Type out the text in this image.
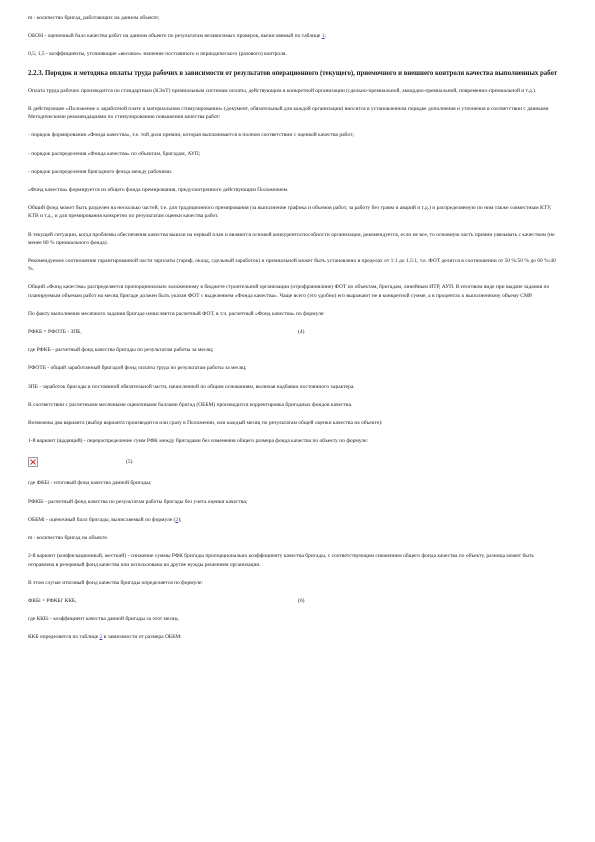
m - количество бригад, работающих на данном объекте;

ОБОН - оценочный балл качества работ на данном объекте по результатам независимых проверок, вычисляемый по таблице 1;

0,5; 1,5 - коэффициенты, уточняющие «весовое» значение постоянного и периодического (разового) контроля.

2.2.3. Порядок и методика оплаты труда рабочих в зависимости от результатов операционного (текущего), приемочного и внешнего контроля качества выполненных работ

Оплата труда рабочих производится по стандартным (КЭоТ) премиальным системам оплаты, действующим в конкретной организации (сдельно-премиальной, аккордно-премиальной, повременно-премиальной и т.д.).

В действующее «Положение о заработной плате и материальном стимулировании» (документ, обязательный для каждой организации) вносятся в установленном порядке дополнения и уточнения в соответствии с данными Методическими рекомендациями по стимулированию повышения качества работ:

- порядок формирования «Фонда качества», т.е. той доли премии, которая выплачивается в полном соответствии с оценкой качества работ;

- порядок распределения «Фонда качества» по объектам, бригадам, АУП;

- порядок распределения бригадного фонда между рабочими.

«Фонд качества» формируется из общего фонда премирования, предусмотренного действующим Положением.

Общий фонд может быть разделен на несколько частей, т.е. для традиционного премирования (за выполнение графика и объемов работ, за работу без травм и аварий и т.д.) и распределяемую по ним также совместным КТУ, КТВ и т.д., и для премирования конкретно по результатам оценки качества работ.

В текущей ситуации, когда проблемы обеспечения качества вышли на первый план и являются основой конкурентоспособности организации, рекомендуется, если не все, то основную часть премии увязывать с качеством (не менее 80 % премиального фонда).

Рекомендуемое соотношение гарантированной части зарплаты (тариф, оклад, сдельный заработок) и премиальной может быть установлено в пределах от 1:1 до 1,5:1, т.е. ФОТ делится в соотношении от 50 %:50 % до 60 %:40 %.

Общий «Фонд качества» распределяется пропорционально заложенному в бюджете строительной организации (отрофраниялиие) ФОТ по объектам, бригадам, линейным ИТР, АУП. В итоговом виде при выдаче задания по планируемым объемам работ на месяц бригаде должен быть указан ФОТ с выделением «Фонда качества». Чаще всего (это удобно) его выражают не в конкретной сумме, а в процентах к выполненному объему СМР.

По факту выполнения месячного задания бригаде начисляется расчетный ФОТ, в т.ч. расчетный «Фонд качества» по формуле:

РФКБ = РФОТБ - ЗПБ,	(4)

где РФКБ - расчетный фонд качества бригады по результатам работы за месяц;

РФОТБ - общий заработанный бригадой фонд оплаты труда по результатам работы за месяц;

ЗПБ - заработок бригады в постоянной обязательной части, начисленной по общим основаниям, включая надбавки постоянного характера.

В соответствии с расчетными месячными оценочными баллами бригад (ОББМ) производится корректировка бригадных фондов качества.

Возможны два варианта (выбор варианта производится или сразу в Положении, или каждый месяц по результатам общей оценки качества на объекте):

1-й вариант (щадящий) - перераспределение сумм РФК между бригадами без изменения общего размера фонда качества по объекту по формуле:

(5)

где ФКБi - итоговый фонд качества данной бригады;

РФКБi - расчетный фонд качества по результатам работы бригады без учета оценки качества;

ОББМi - оценочный балл бригады, вычисляемый по формуле (2);

m - количество бригад на объекте.

2-й вариант (конфискационный, жесткий) - снижение суммы РФК бригады пропорционально коэффициенту качества бригады, с соответствующим снижением общего фонда качества по объекту, разница может быть отправлена в резервный фонд качества или использована на другие нужды решением организации.

В этом случае итоговый фонд качества бригады определяется по формуле:

ФКБi = РФКБi' ККБ,	(6)

где ККБi - коэффициент качества данной бригады за этот месяц.

ККБ определяется по таблице 2 в зависимости от размера ОББМ:
